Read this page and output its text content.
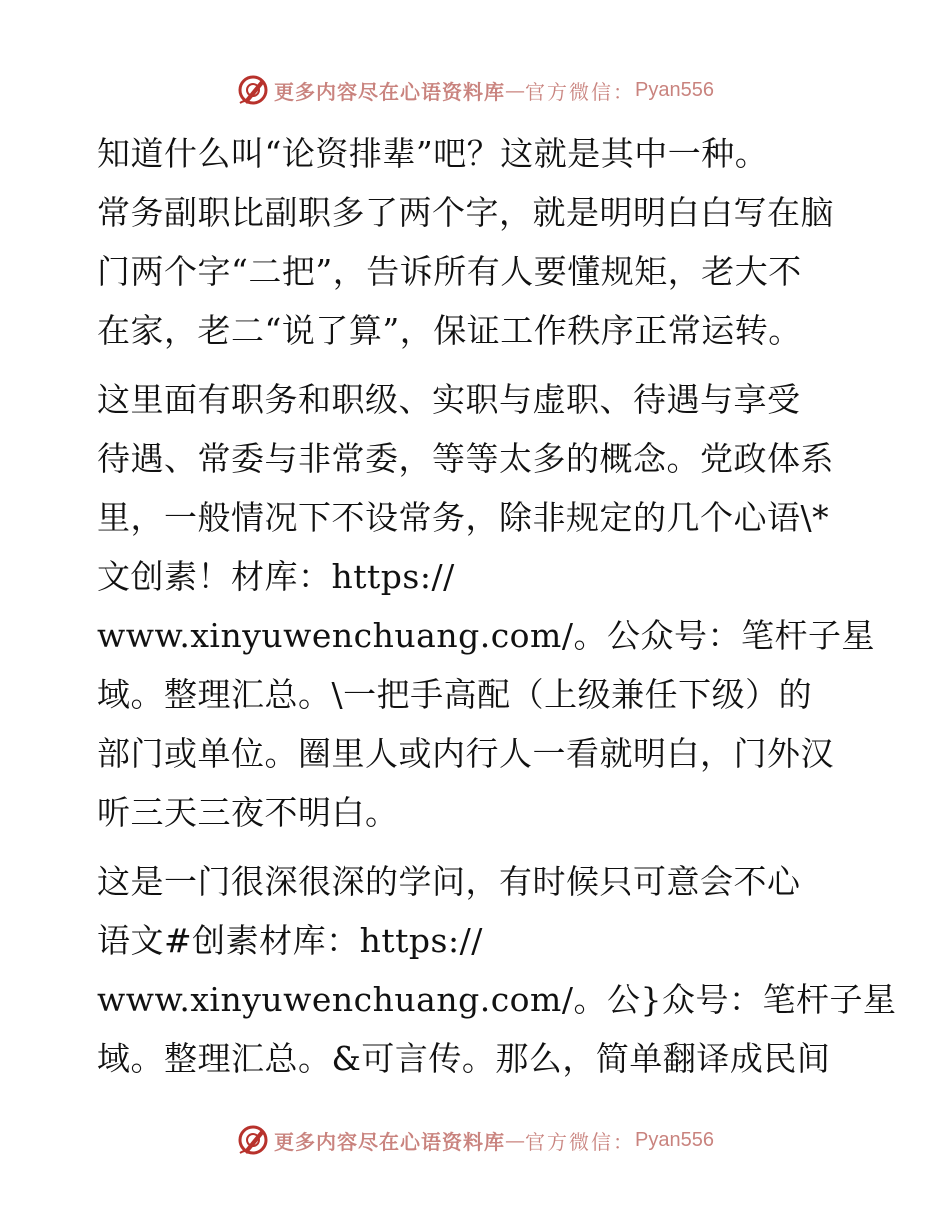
更多内容尽在心语资料库 — 官方微信： Pyan556
知道什么叫“论资排辈”吧？这就是其中一种。
常务副职比副职多了两个字，就是明明白白写在脑
门两个字“二把”，告诉所有人要懂规矩，老大不
在家，老二“说了算”，保证工作秩序正常运转。
这里面有职务和职级、实职与虚职、待遇与享受
待遇、常委与非常委，等等太多的概念。党政体系
里，一般情况下不设常务，除非规定的几个心语\*
文创素！材库：https://
www.xinyuwenchuang.com/。公众号：笔杆子星
域。整理汇总。\一把手高配（上级兼任下级）的
部门或单位。圈里人或内行人一看就明白，门外汉
听三天三夜不明白。
这是一门很深很深的学问，有时候只可意会不心
语文#创素材库：https://
www.xinyuwenchuang.com/。公}众号：笔杆子星
域。整理汇总。&可言传。那么，简单翻译成民间
更多内容尽在心语资料库 — 官方微信： Pyan556
